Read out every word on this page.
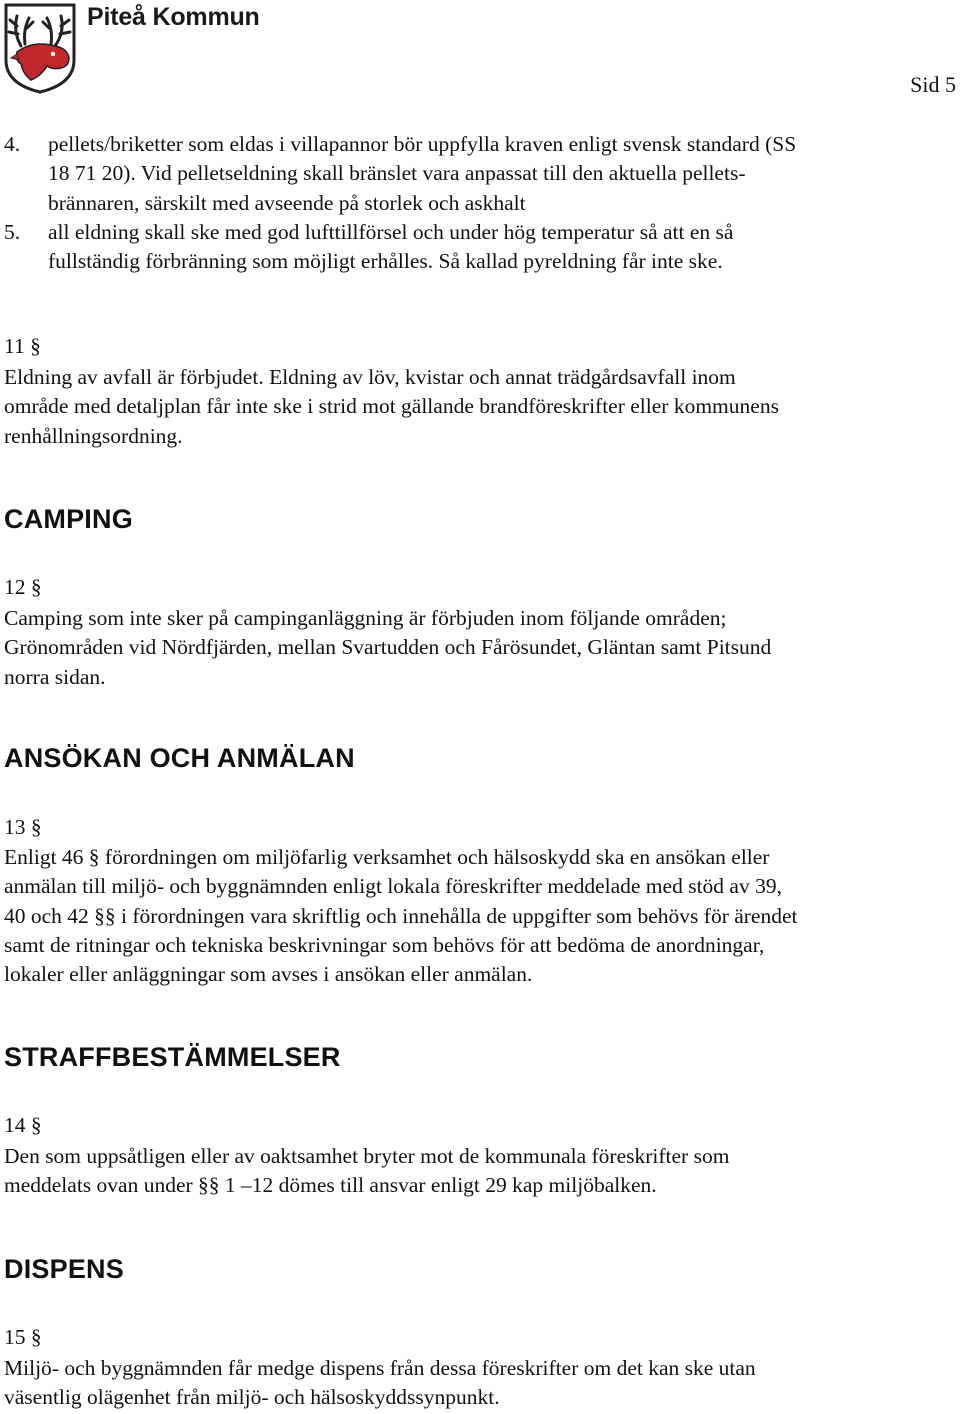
Piteå Kommun
Sid 5
4. pellets/briketter som eldas i villapannor bör uppfylla kraven enligt svensk standard (SS
18 71 20). Vid pelletseldning skall bränslet vara anpassat till den aktuella pellets-
brännaren, särskilt med avseende på storlek och askhalt
5. all eldning skall ske med god lufttillförsel och under hög temperatur så att en så
fullständig förbränning som möjligt erhålles. Så kallad pyreldning får inte ske.
11 §
Eldning av avfall är förbjudet. Eldning av löv, kvistar och annat trädgårdsavfall inom
område med detaljplan får inte ske i strid mot gällande brandföreskrifter eller kommunens
renhållningsordning.
CAMPING
12 §
Camping som inte sker på campinganläggning är förbjuden inom följande områden;
Grönområden vid Nördfjärden, mellan Svartudden och Fårösundet, Gläntan samt Pitsund
norra sidan.
ANSÖKAN OCH ANMÄLAN
13 §
Enligt 46 § förordningen om miljöfarlig verksamhet och hälsoskydd ska en ansökan eller
anmälan till miljö- och byggnämnden enligt lokala föreskrifter meddelade med stöd av 39,
40 och 42 §§ i förordningen vara skriftlig och innehålla de uppgifter som behövs för ärendet
samt de ritningar och tekniska beskrivningar som behövs för att bedöma de anordningar,
lokaler eller anläggningar som avses i ansökan eller anmälan.
STRAFFBESTÄMMELSER
14 §
Den som uppsåtligen eller av oaktsamhet bryter mot de kommunala föreskrifter som
meddelats ovan under §§ 1 –12 dömes till ansvar enligt 29 kap miljöbalken.
DISPENS
15 §
Miljö- och byggnämnden får medge dispens från dessa föreskrifter om det kan ske utan
väsentlig olägenhet från miljö- och hälsoskyddssynpunkt.
